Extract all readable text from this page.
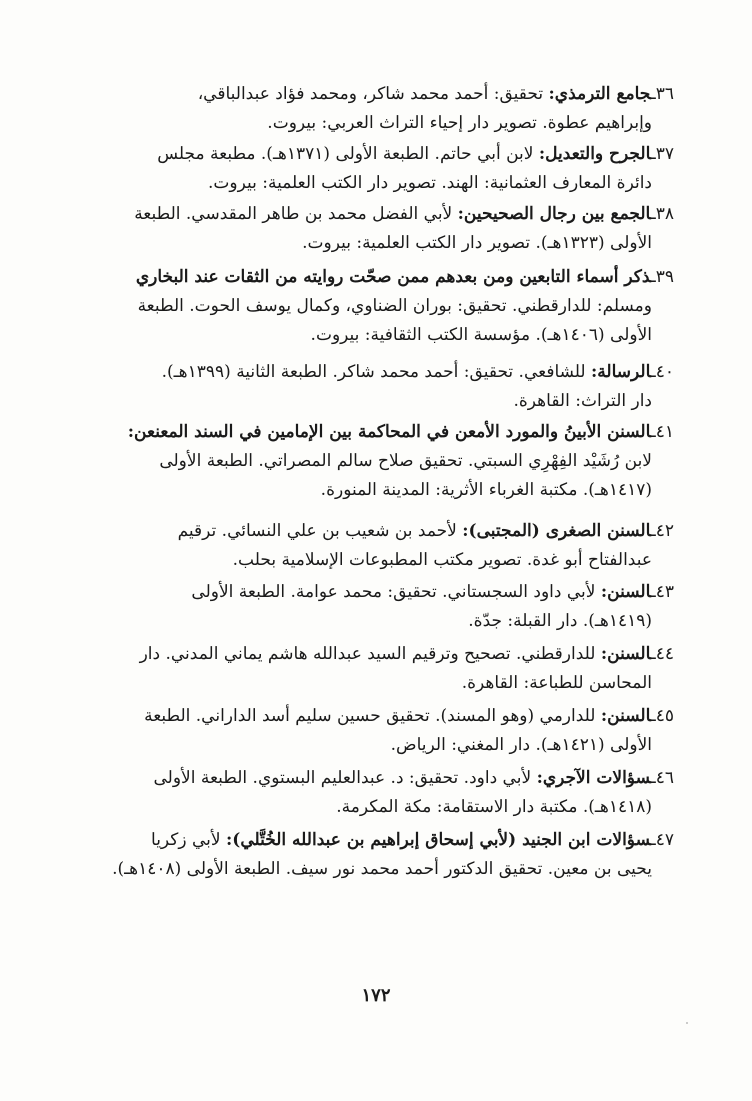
٣٦ـجامع الترمذي: تحقيق: أحمد محمد شاكر، ومحمد فؤاد عبدالباقي،
وإبراهيم عطوة. تصوير دار إحياء التراث العربي: بيروت.
٣٧ـالجرح والتعديل: لابن أبي حاتم. الطبعة الأولى (١٣٧١هـ). مطبعة مجلس
دائرة المعارف العثمانية: الهند. تصوير دار الكتب العلمية: بيروت.
٣٨ـالجمع بين رجال الصحيحين: لأبي الفضل محمد بن طاهر المقدسي. الطبعة
الأولى (١٣٢٣هـ). تصوير دار الكتب العلمية: بيروت.
٣٩ـذكر أسماء التابعين ومن بعدهم ممن صحّت روايته من الثقات عند البخاري
ومسلم: للدارقطني. تحقيق: بوران الضناوي، وكمال يوسف الحوت. الطبعة
الأولى (١٤٠٦هـ). مؤسسة الكتب الثقافية: بيروت.
٤٠ـالرسالة: للشافعي. تحقيق: أحمد محمد شاكر. الطبعة الثانية (١٣٩٩هـ).
دار التراث: القاهرة.
٤١ـالسنن الأبينُ والمورد الأمعن في المحاكمة بين الإمامين في السند المعنعن:
لابن رُشَيْد الفِهْرِي السبتي. تحقيق صلاح سالم المصراتي. الطبعة الأولى
(١٤١٧هـ). مكتبة الغرباء الأثرية: المدينة المنورة.
٤٢ـالسنن الصغرى (المجتبى): لأحمد بن شعيب بن علي النسائي. ترقيم
عبدالفتاح أبو غدة. تصوير مكتب المطبوعات الإسلامية بحلب.
٤٣ـالسنن: لأبي داود السجستاني. تحقيق: محمد عوامة. الطبعة الأولى
(١٤١٩هـ). دار القبلة: جدّة.
٤٤ـالسنن: للدارقطني. تصحيح وترقيم السيد عبدالله هاشم يماني المدني. دار
المحاسن للطباعة: القاهرة.
٤٥ـالسنن: للدارمي (وهو المسند). تحقيق حسين سليم أسد الداراني. الطبعة
الأولى (١٤٢١هـ). دار المغني: الرياض.
٤٦ـسؤالات الآجري: لأبي داود. تحقيق: د. عبدالعليم البستوي. الطبعة الأولى
(١٤١٨هـ). مكتبة دار الاستقامة: مكة المكرمة.
٤٧ـسؤالات ابن الجنيد (لأبي إسحاق إبراهيم بن عبدالله الخُتَّلي): لأبي زكريا
يحيى بن معين. تحقيق الدكتور أحمد محمد نور سيف. الطبعة الأولى (١٤٠٨هـ).
١٧٢
